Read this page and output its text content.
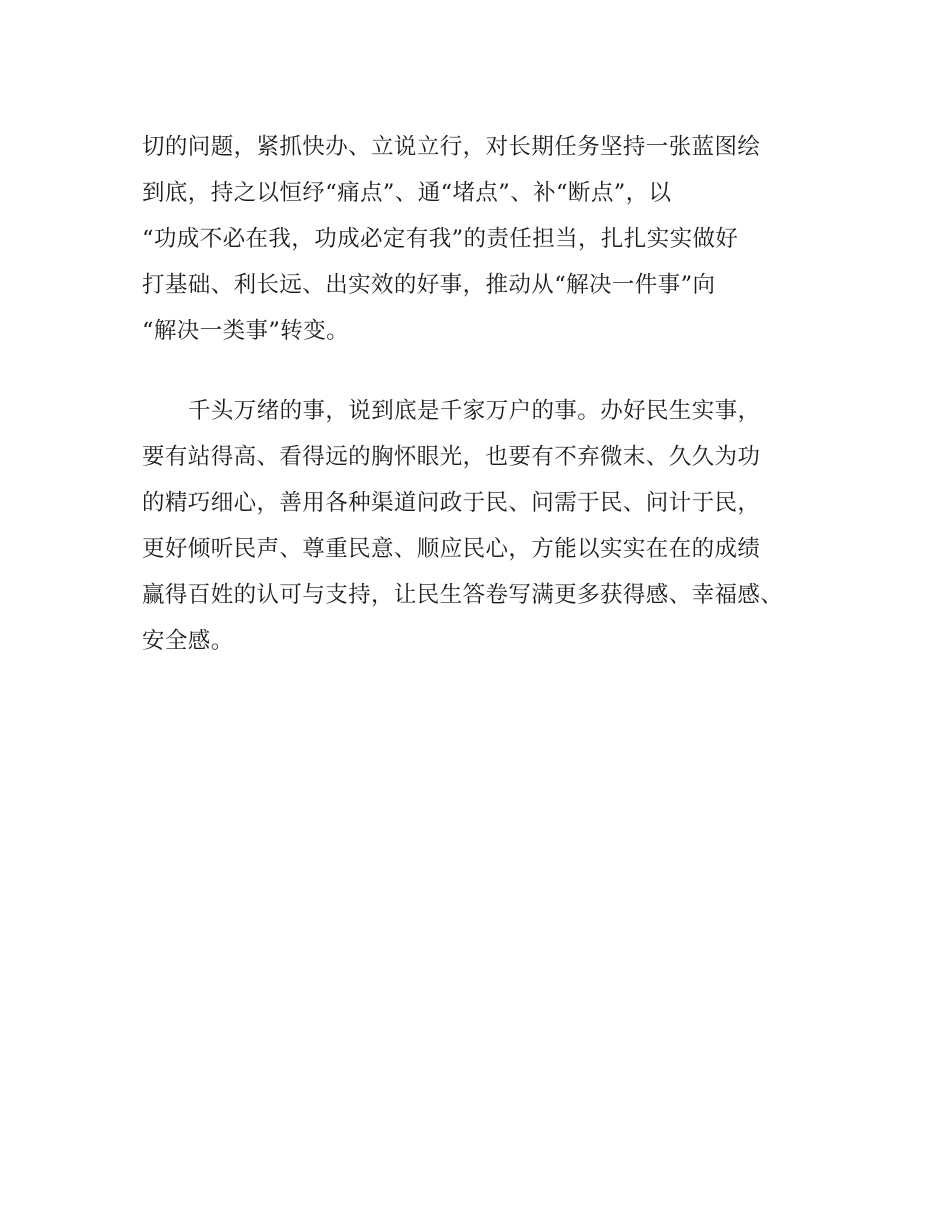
切的问题，紧抓快办、立说立行，对长期任务坚持一张蓝图绘
到底，持之以恒纾“痛点”、通“堵点”、补“断点”，以
“功成不必在我，功成必定有我”的责任担当，扎扎实实做好
打基础、利长远、出实效的好事，推动从“解决一件事”向
“解决一类事”转变。
千头万绪的事，说到底是千家万户的事。办好民生实事，
要有站得高、看得远的胸怀眼光，也要有不弃微末、久久为功
的精巧细心，善用各种渠道问政于民、问需于民、问计于民，
更好倾听民声、尊重民意、顺应民心，方能以实实在在的成绩
赢得百姓的认可与支持，让民生答卷写满更多获得感、幸福感、
安全感。
